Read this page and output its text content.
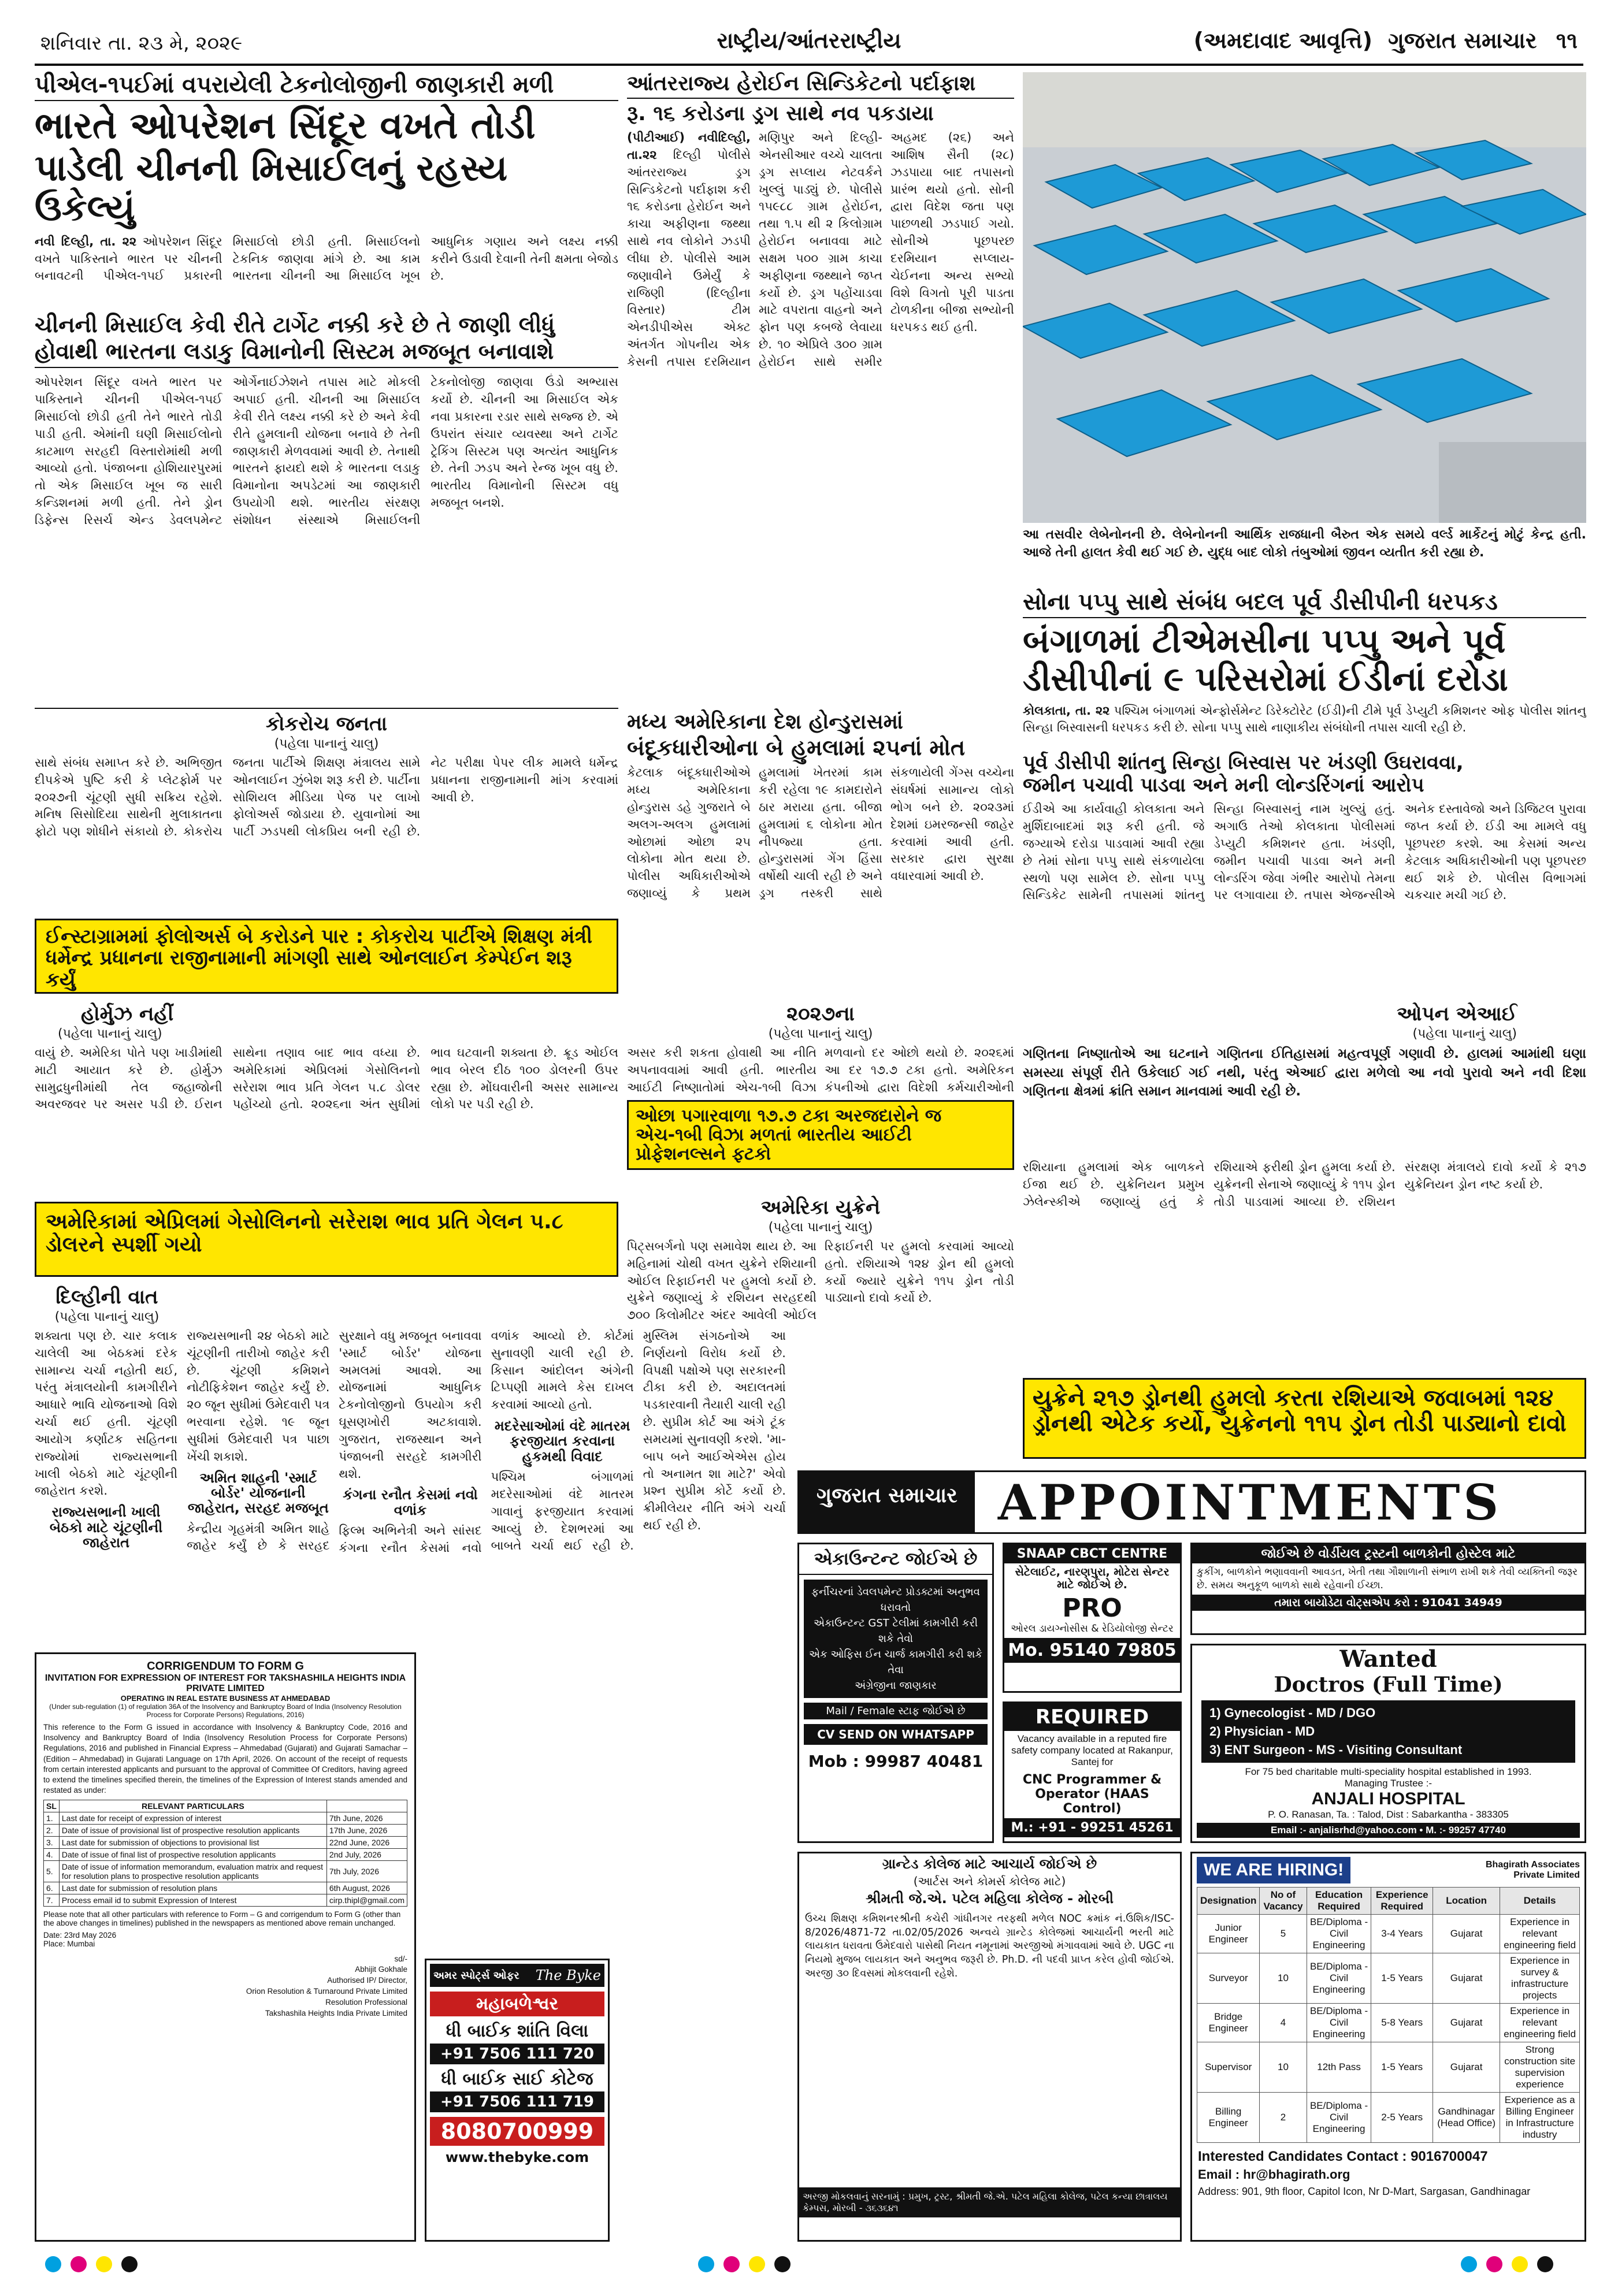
શનિવાર તા. ૨૩ મે, ૨૦૨૯	રાષ્ટ્રીય/આંતરરાષ્ટ્રીય	(અમદાવાદ આવૃત્તિ) ગુજરાત સમાચાર ૧૧
પીએલ-૧૫ઈમાં વપરાયેલી ટેકનોલોજીની જાણકારી મળી
ભારતે ઓપરેશન સિંદૂર વખતે તોડી
પાડેલી ચીનની મિસાઈલનું રહસ્ય ઉકેલ્યું
નવી દિલ્હી, તા. ૨૨ ઓપરેશન સિંદૂર વખતે પાકિસ્તાને ભારત પર ચીનની બનાવટની પીએલ-૧૫ઈ પ્રકારની મિસાઈલો છોડી હતી. મિસાઈલનો ટેકનિક જાણવા માંગે છે. આ કામ ભારતના ચીનની આ મિસાઈલ ખૂબ આધુનિક ગણાય અને લક્ષ્ય નક્કી કરીને ઉડાવી દેવાની તેની ક્ષમતા બેજોડ છે.
ચીનની મિસાઈલ કેવી રીતે ટાર્ગેટ નક્કી કરે છે તે જાણી લીધું
હોવાથી ભારતના લડાકુ વિમાનોની સિસ્ટમ મજબૂત બનાવાશે
ઓપરેશન સિંદૂર વખતે ભારત પર પાકિસ્તાને ચીનની પીએલ-૧૫ઈ મિસાઈલો છોડી હતી તેને ભારતે તોડી પાડી હતી. એમાંની ઘણી મિસાઈલોનો કાટમાળ સરહદી વિસ્તારોમાંથી મળી આવ્યો હતો. પંજાબના હોશિયારપુરમાં તો એક મિસાઈલ ખૂબ જ સારી કન્ડિશનમાં મળી હતી. તેને ડ્રોન ડિફેન્સ રિસર્ચ એન્ડ ડેવલપમેન્ટ ઓર્ગેનાઈઝેશને તપાસ માટે મોકલી અપાઈ હતી. ચીનની આ મિસાઈલ કેવી રીતે લક્ષ્ય નક્કી કરે છે અને કેવી રીતે હુમલાની યોજના બનાવે છે તેની જાણકારી મેળવવામાં આવી છે. તેનાથી ભારતને ફાયદો થશે કે ભારતના લડાકુ વિમાનોના અપડેટમાં આ જાણકારી ઉપયોગી થશે. ભારતીય સંરક્ષણ સંશોધન સંસ્થાએ મિસાઈલની ટેકનોલોજી જાણવા ઉંડો અભ્યાસ કર્યો છે. ચીનની આ મિસાઈલ એક નવા પ્રકારના રડાર સાથે સજ્જ છે. એ ઉપરાંત સંચાર વ્યવસ્થા અને ટાર્ગેટ ટ્રેકિંગ સિસ્ટમ પણ અત્યંત આધુનિક છે. તેની ઝડપ અને રેન્જ ખૂબ વધુ છે. ભારતીય વિમાનોની સિસ્ટમ વધુ મજબૂત બનશે.
આંતરરાજ્ય હેરોઈન સિન્ડિકેટનો પર્દાફાશ
રૂ. ૧૬ કરોડના ડ્રગ સાથે નવ પકડાયા
(પીટીઆઈ) નવીદિલ્હી, તા.૨૨ દિલ્હી પોલીસે આંતરરાજ્ય ડ્રગ સિન્ડિકેટનો પર્દાફાશ કરી ૧૬ કરોડના હેરોઈન અને કાચા અફીણના જથ્થા સાથે નવ લોકોને ઝડપી લીધા છે. પોલીસે આમ જણાવીને ઉમેર્યું કે રાજિણી (દિલ્હીના વિસ્તાર) ટીમ એનડીપીએસ એક્ટ અંતર્ગત ગોપનીય એક કેસની તપાસ દરમિયાન મણિપુર અને દિલ્હી-એનસીઆર વચ્ચે ચાલતા ડ્રગ સપ્લાય નેટવર્કને ખુલ્લું પાડ્યું છે. પોલીસે ૧૫૯૮૮ ગ્રામ હેરોઈન, તથા ૧.૫ થી ૨ કિલોગ્રામ હેરોઈન બનાવવા માટે સક્ષમ ૫૦૦ ગ્રામ કાચા અફીણના જથ્થાને જપ્ત કર્યો છે. ડ્રગ પહોંચાડવા માટે વપરાતા વાહનો અને ફોન પણ કબજે લેવાયા છે. ૧૦ એપ્રિલે ૩૦૦ ગ્રામ હેરોઈન સાથે સમીર અહમદ (૨૬) અને આશિષ સૈની (૨૮) ઝડપાયા બાદ તપાસનો પ્રારંભ થયો હતો. સોની દ્વારા વિદેશ જતા પણ પાછળથી ઝડપાઈ ગયો. સોનીએ પૂછપરછ દરમિયાન સપ્લાય-ચેઈનના અન્ય સભ્યો વિશે વિગતો પૂરી પાડતા ટોળકીના બીજા સભ્યોની ધરપકડ થઈ હતી.
આ તસવીર લેબેનોનની છે. લેબેનોનની આર્થિક રાજધાની બૈરુત એક સમયે વર્લ્ડ માર્કેટનું મોટું કેન્દ્ર હતી. આજે તેની હાલત કેવી થઈ ગઈ છે. યુદ્ધ બાદ લોકો તંબુઓમાં જીવન વ્યતીત કરી રહ્યા છે.
સોના પપ્પુ સાથે સંબંધ બદલ પૂર્વ ડીસીપીની ધરપકડ
બંગાળમાં ટીએમસીના પપ્પુ અને પૂર્વ
ડીસીપીનાં ૯ પરિસરોમાં ઈડીનાં દરોડા
કોલકાતા, તા. ૨૨ પશ્ચિમ બંગાળમાં એન્ફોર્સમેન્ટ ડિરેક્ટોરેટ (ઈડી)ની ટીમે પૂર્વ ડેપ્યુટી કમિશનર ઓફ પોલીસ શાંતનુ સિન્હા બિસ્વાસની ધરપકડ કરી છે. સોના પપ્પુ સાથે નાણાકીય સંબંધોની તપાસ ચાલી રહી છે.
પૂર્વ ડીસીપી શાંતનુ સિન્હા બિસ્વાસ પર ખંડણી ઉઘરાવવા,
જમીન પચાવી પાડવા અને મની લોન્ડરિંગનાં આરોપ
ઈડીએ આ કાર્યવાહી કોલકાતા અને મુર્શિદાબાદમાં શરૂ કરી હતી. જે જગ્યાએ દરોડા પાડવામાં આવી રહ્યા છે તેમાં સોના પપ્પુ સાથે સંકળાયેલા સ્થળો પણ સામેલ છે. સોના પપ્પુ સિન્ડિકેટ સામેની તપાસમાં શાંતનુ સિન્હા બિસ્વાસનું નામ ખુલ્યું હતું. અગાઉ તેઓ કોલકાતા પોલીસમાં ડેપ્યુટી કમિશનર હતા. ખંડણી, જમીન પચાવી પાડવા અને મની લોન્ડરિંગ જેવા ગંભીર આરોપો તેમના પર લગાવાયા છે. તપાસ એજન્સીએ અનેક દસ્તાવેજો અને ડિજિટલ પુરાવા જપ્ત કર્યા છે. ઈડી આ મામલે વધુ પૂછપરછ કરશે. આ કેસમાં અન્ય કેટલાક અધિકારીઓની પણ પૂછપરછ થઈ શકે છે. પોલીસ વિભાગમાં ચકચાર મચી ગઈ છે.
મધ્ય અમેરિકાના દેશ હોન્ડુરાસમાં
બંદૂકધારીઓના બે હુમલામાં ૨૫નાં મોત
કેટલાક બંદૂકધારીઓએ મધ્ય અમેરિકાના હોન્ડુરાસ ડહે ગુજરાતે બે અલગ-અલગ હુમલામાં ઓછામાં ઓછા ૨૫ લોકોના મોત થયા છે. પોલીસ અધિકારીઓએ જણાવ્યું કે પ્રથમ હુમલામાં ખેતરમાં કામ કરી રહેલા ૧૯ કામદારોને ઠાર મરાયા હતા. બીજા હુમલામાં ૬ લોકોના મોત નીપજ્યા હતા. હોન્ડુરાસમાં ગેંગ હિંસા વર્ષોથી ચાલી રહી છે અને ડ્રગ તસ્કરી સાથે સંકળાયેલી ગેંગ્સ વચ્ચેના સંઘર્ષમાં સામાન્ય લોકો ભોગ બને છે. ૨૦૨૩માં દેશમાં ઇમરજન્સી જાહેર કરવામાં આવી હતી. સરકાર દ્વારા સુરક્ષા વધારવામાં આવી છે.
કોકરોચ જનતા
(પહેલા પાનાનું ચાલુ)
સાથે સંબંધ સમાપ્ત કરે છે. અભિજીત દીપકેએ પુષ્ટિ કરી કે પ્લેટફોર્મ પર ૨૦૨૭ની ચૂંટણી સુધી સક્રિય રહેશે. મનિષ સિસોદિયા સાથેની મુલાકાતના ફોટો પણ શોધીને સંકાયો છે. કોકરોચ જનતા પાર્ટીએ શિક્ષણ મંત્રાલય સામે ઓનલાઈન ઝુંબેશ શરૂ કરી છે. પાર્ટીના સોશિયલ મીડિયા પેજ પર લાખો ફોલોઅર્સ જોડાયા છે. યુવાનોમાં આ પાર્ટી ઝડપથી લોકપ્રિય બની રહી છે. નેટ પરીક્ષા પેપર લીક મામલે ધર્મેન્દ્ર પ્રધાનના રાજીનામાની માંગ કરવામાં આવી છે.
ઈન્સ્ટાગ્રામમાં ફોલોઅર્સ બે કરોડને પાર : કોકરોચ પાર્ટીએ શિક્ષણ મંત્રી ધર્મેન્દ્ર પ્રધાનના રાજીનામાની માંગણી સાથે ઓનલાઈન કેમ્પેઈન શરૂ કર્યું
હોર્મુઝ નહીં
(પહેલા પાનાનું ચાલુ)
વાયું છે. અમેરિકા પોતે પણ ખાડીમાંથી માટી આયાત કરે છે. હોર્મુઝ સામુદ્રધુનીમાંથી તેલ જહાજોની અવરજવર પર અસર પડી છે. ઈરાન સાથેના તણાવ બાદ ભાવ વધ્યા છે. અમેરિકામાં એપ્રિલમાં ગેસોલિનનો સરેરાશ ભાવ પ્રતિ ગેલન ૫.૮ ડોલર પહોંચ્યો હતો. ૨૦૨૬ના અંત સુધીમાં ભાવ ઘટવાની શક્યતા છે. ક્રૂડ ઓઈલ ભાવ બેરલ દીઠ ૧૦૦ ડોલરની ઉપર રહ્યા છે. મોંઘવારીની અસર સામાન્ય લોકો પર પડી રહી છે.
અમેરિકામાં એપ્રિલમાં ગેસોલિનનો સરેરાશ ભાવ પ્રતિ ગેલન ૫.૮ ડોલરને સ્પર્શી ગયો
૨૦૨૭ના
(પહેલા પાનાનું ચાલુ)
અસર કરી શકતા હોવાથી આ નીતિ અપનાવવામાં આવી હતી. ભારતીય આઈટી નિષ્ણાતોમાં એચ-૧બી વિઝા મળવાનો દર ઓછો થયો છે. ૨૦૨૬માં આ દર ૧૭.૭ ટકા હતો. અમેરિકન કંપનીઓ દ્વારા વિદેશી કર્મચારીઓની
ઓછા પગારવાળા ૧૭.૭ ટકા અરજદારોને જ એચ-૧બી વિઝા મળતાં ભારતીય આઈટી પ્રોફેશનલ્સને ફટકો
અમેરિકા યુક્રેને
(પહેલા પાનાનું ચાલુ)
પિટ્સબર્ગનો પણ સમાવેશ થાય છે. આ મહિનામાં ચોથી વખત યુક્રેને રશિયાની ઓઈલ રિફાઈનરી પર હુમલો કર્યો છે. યુક્રેને જણાવ્યું કે રશિયન સરહદથી ૭૦૦ કિલોમીટર અંદર આવેલી ઓઈલ રિફાઈનરી પર હુમલો કરવામાં આવ્યો હતો. રશિયાએ ૧૨૪ ડ્રોન થી હુમલો કર્યો જ્યારે યુક્રેને ૧૧૫ ડ્રોન તોડી પાડ્યાનો દાવો કર્યો છે.
ઓપન એઆઈ
(પહેલા પાનાનું ચાલુ)
ગણિતના નિષ્ણાતોએ આ ઘટનાને ગણિતના ઈતિહાસમાં મહત્વપૂર્ણ ગણાવી છે. હાલમાં આમાંથી ઘણા સમસ્યા સંપૂર્ણ રીતે ઉકેલાઈ ગઈ નથી, પરંતુ એઆઈ દ્વારા મળેલો આ નવો પુરાવો અને નવી દિશા ગણિતના ક્ષેત્રમાં ક્રાંતિ સમાન માનવામાં આવી રહી છે.
રશિયાના હુમલામાં એક બાળકને ઈજા થઈ છે. યુક્રેનિયન પ્રમુખ ઝેલેન્સ્કીએ જણાવ્યું હતું કે રશિયાએ ફરીથી ડ્રોન હુમલા કર્યા છે. યુક્રેનની સેનાએ જણાવ્યું કે ૧૧૫ ડ્રોન તોડી પાડવામાં આવ્યા છે. રશિયન સંરક્ષણ મંત્રાલયે દાવો કર્યો કે ૨૧૭ યુક્રેનિયન ડ્રોન નષ્ટ કર્યા છે.
યુક્રેને ૨૧૭ ડ્રોનથી હુમલો કરતા રશિયાએ જવાબમાં ૧૨૪ ડ્રોનથી એટેક કર્યો, યુક્રેનનો ૧૧૫ ડ્રોન તોડી પાડ્યાનો દાવો
દિલ્હીની વાત
(પહેલા પાનાનું ચાલુ)
શક્યતા પણ છે. ચાર કલાક ચાલેલી આ બેઠકમાં દરેક સામાન્ય ચર્ચા નહોતી થઈ, પરંતુ મંત્રાલયોની કામગીરીને આધારે ભાવિ યોજનાઓ વિશે ચર્ચા થઈ હતી. ચૂંટણી આયોગ કર્ણાટક સહિતના રાજ્યોમાં રાજ્યસભાની ખાલી બેઠકો માટે ચૂંટણીની જાહેરાત કરશે.
રાજ્યસભાની ખાલી બેઠકો માટે ચૂંટણીની જાહેરાત
રાજ્યસભાની ૨૪ બેઠકો માટે ચૂંટણીની તારીખો જાહેર કરી છે. ચૂંટણી કમિશને નોટીફિકેશન જાહેર કર્યું છે. ૨૦ જૂન સુધીમાં ઉમેદવારી પત્ર ભરવાના રહેશે. ૧૯ જૂન સુધીમાં ઉમેદવારી પત્ર પાછા ખેંચી શકાશે.
અમિત શાહની 'સ્માર્ટ બોર્ડર' યોજનાની જાહેરાત, સરહદ મજબૂત
કેન્દ્રીય ગૃહમંત્રી અમિત શાહે જાહેર કર્યું છે કે સરહદ સુરક્ષાને વધુ મજબૂત બનાવવા 'સ્માર્ટ બોર્ડર' યોજના અમલમાં આવશે. આ યોજનામાં આધુનિક ટેકનોલોજીનો ઉપયોગ કરી ઘૂસણખોરી અટકાવાશે. ગુજરાત, રાજસ્થાન અને પંજાબની સરહદે કામગીરી થશે.
કંગના રનૌત કેસમાં નવો વળાંક
ફિલ્મ અભિનેત્રી અને સાંસદ કંગના રનૌત કેસમાં નવો વળાંક આવ્યો છે. કોર્ટમાં સુનાવણી ચાલી રહી છે. કિસાન આંદોલન અંગેની ટિપ્પણી મામલે કેસ દાખલ કરવામાં આવ્યો હતો.
મદરેસાઓમાં વંદે માતરમ ફરજીયાત કરવાના હુકમથી વિવાદ
પશ્ચિમ બંગાળમાં મદરેસાઓમાં વંદે માતરમ ગાવાનું ફરજીયાત કરવામાં આવ્યું છે. દેશભરમાં આ બાબતે ચર્ચા થઈ રહી છે. મુસ્લિમ સંગઠનોએ આ નિર્ણયનો વિરોધ કર્યો છે. વિપક્ષી પક્ષોએ પણ સરકારની ટીકા કરી છે. અદાલતમાં પડકારવાની તૈયારી ચાલી રહી છે. સુપ્રીમ કોર્ટ આ અંગે ટૂંક સમયમાં સુનાવણી કરશે. 'મા-બાપ બને આઈએએસ હોય તો અનામત શા માટે?' એવો પ્રશ્ન સુપ્રીમ કોર્ટે કર્યો છે. ક્રીમીલેયર નીતિ અંગે ચર્ચા થઈ રહી છે.
CORRIGENDUM TO FORM G
INVITATION FOR EXPRESSION OF INTEREST FOR TAKSHASHILA HEIGHTS INDIA PRIVATE LIMITED
OPERATING IN REAL ESTATE BUSINESS AT AHMEDABAD
(Under sub-regulation (1) of regulation 36A of the Insolvency and Bankruptcy Board of India (Insolvency Resolution Process for Corporate Persons) Regulations, 2016)
This reference to the Form G issued in accordance with Insolvency & Bankruptcy Code, 2016 and Insolvency and Bankruptcy Board of India (Insolvency Resolution Process for Corporate Persons) Regulations, 2016 and published in Financial Express – Ahmedabad (Gujarati) and Gujarati Samachar – (Edition – Ahmedabad) in Gujarati Language on 17th April, 2026. On account of the receipt of requests from certain interested applicants and pursuant to the approval of Committee Of Creditors, having agreed to extend the timelines specified therein, the timelines of the Expression of Interest stands amended and restated as under:
SL	RELEVANT PARTICULARS	
1.	Last date for receipt of expression of interest	7th June, 2026
2.	Date of issue of provisional list of prospective resolution applicants	17th June, 2026
3.	Last date for submission of objections to provisional list	22nd June, 2026
4.	Date of issue of final list of prospective resolution applicants	2nd July, 2026
5.	Date of issue of information memorandum, evaluation matrix and request for resolution plans to prospective resolution applicants	7th July, 2026
6.	Last date for submission of resolution plans	6th August, 2026
7.	Process email id to submit Expression of Interest	cirp.thipl@gmail.com
Please note that all other particulars with reference to Form – G and corrigendum to Form G (other than the above changes in timelines) published in the newspapers as mentioned above remain unchanged.
Date: 23rd May 2026
Place: Mumbai
sd/-
Abhijit Gokhale
Authorised IP/ Director,
Orion Resolution & Turnaround Private Limited
Resolution Professional
Takshashila Heights India Private Limited
અમર સ્પોર્ટ્સ ઓફર The Byke
મહાબળેશ્વર
ધી બાઈક શાંતિ વિલા
+91 7506 111 720
ધી બાઈક સાઈ કોટેજ
+91 7506 111 719
8080700999
www.thebyke.com
ગુજરાત સમાચાર APPOINTMENTS
એકાઉન્ટન્ટ જોઈએ છે
ફર્નીચરનાં ડેવલપમેન્ટ પ્રોડક્ટમાં અનુભવ ધરાવતો
એકાઉન્ટન્ટ GST ટેલીમાં કામગીરી કરી શકે તેવો
એક ઓફિસ ઈન ચાર્જ કામગીરી કરી શકે તેવા
અંગ્રેજીના જાણકાર
Mail / Female સ્ટાફ જોઈએ છે
CV SEND ON WHATSAPP
Mob : 99987 40481
SNAAP CBCT CENTRE
સેટેલાઈટ, નારણપુરા, મોટેરા સેન્ટર માટે જોઈએ છે.
PRO
ઓરલ ડાયગ્નોસીસ & રેડિયોલોજી સેન્ટર
Mo. 95140 79805
REQUIRED
Vacancy available in a reputed fire safety company located at Rakanpur, Santej for
CNC Programmer & Operator (HAAS Control)
M.: +91 - 99251 45261
જોઈએ છે વોર્ડીયલ ટ્રસ્ટની બાળકોની હોસ્ટેલ માટે
કુકીંગ, બાળકોને ભણાવવાની આવડત, ખેતી તથા ગૌશાળાની સંભાળ રાખી શકે તેવી વ્યક્તિની જરૂર છે. સમય અનુકૂળ બાળકો સાથે રહેવાની ઈચ્છા.
તમારા બાયોડેટા વોટ્સએપ કરો : 91041 34949
Wanted
Doctros (Full Time)
1) Gynecologist - MD / DGO
2) Physician - MD
3) ENT Surgeon - MS - Visiting Consultant
For 75 bed charitable multi-speciality hospital established in 1993.
Managing Trustee :-
ANJALI HOSPITAL
P. O. Ranasan, Ta. : Talod, Dist : Sabarkantha - 383305
Email :- anjalisrhd@yahoo.com • M. :- 99257 47740
ગ્રાન્ટેડ કોલેજ માટે આચાર્ય જોઈએ છે
(આર્ટસ અને કોમર્સ કોલેજ માટે)
શ્રીમતી જે.એ. પટેલ મહિલા કોલેજ - મોરબી
ઉચ્ચ શિક્ષણ કમિશનરશ્રીની કચેરી ગાંધીનગર તરફથી મળેલ NOC ક્રમાંક નં.ઉશિક/ISC-8/2026/4871-72 તા.02/05/2026 અન્વયે ગ્રાન્ટેડ કોલેજમાં આચાર્યની ભરતી માટે લાયકાત ધરાવતા ઉમેદવારો પાસેથી નિયત નમૂનામાં અરજીઓ મંગાવવામાં આવે છે. UGC ના નિયમો મુજબ લાયકાત અને અનુભવ જરૂરી છે. Ph.D. ની પદવી પ્રાપ્ત કરેલ હોવી જોઈએ. અરજી ૩૦ દિવસમાં મોકલવાની રહેશે.
અરજી મોકલવાનું સરનામું : પ્રમુખ, ટ્રસ્ટ, શ્રીમતી જે.એ. પટેલ મહિલા કોલેજ, પટેલ કન્યા છાત્રાલય કેમ્પસ, મોરબી - ૩૬૩૬૪૧
WE ARE HIRING!	Bhagirath Associates Private Limited
Designation	No of Vacancy	Education Required	Experience Required	Location	Details
Junior Engineer	5	BE/Diploma - Civil Engineering	3-4 Years	Gujarat	Experience in relevant engineering field
Surveyor	10	BE/Diploma - Civil Engineering	1-5 Years	Gujarat	Experience in survey & infrastructure projects
Bridge Engineer	4	BE/Diploma - Civil Engineering	5-8 Years	Gujarat	Experience in relevant engineering field
Supervisor	10	12th Pass	1-5 Years	Gujarat	Strong construction site supervision experience
Billing Engineer	2	BE/Diploma - Civil Engineering	2-5 Years	Gandhinagar (Head Office)	Experience as a Billing Engineer in Infrastructure industry
Interested Candidates Contact : 9016700047
Email : hr@bhagirath.org
Address: 901, 9th floor, Capitol Icon, Nr D-Mart, Sargasan, Gandhinagar
